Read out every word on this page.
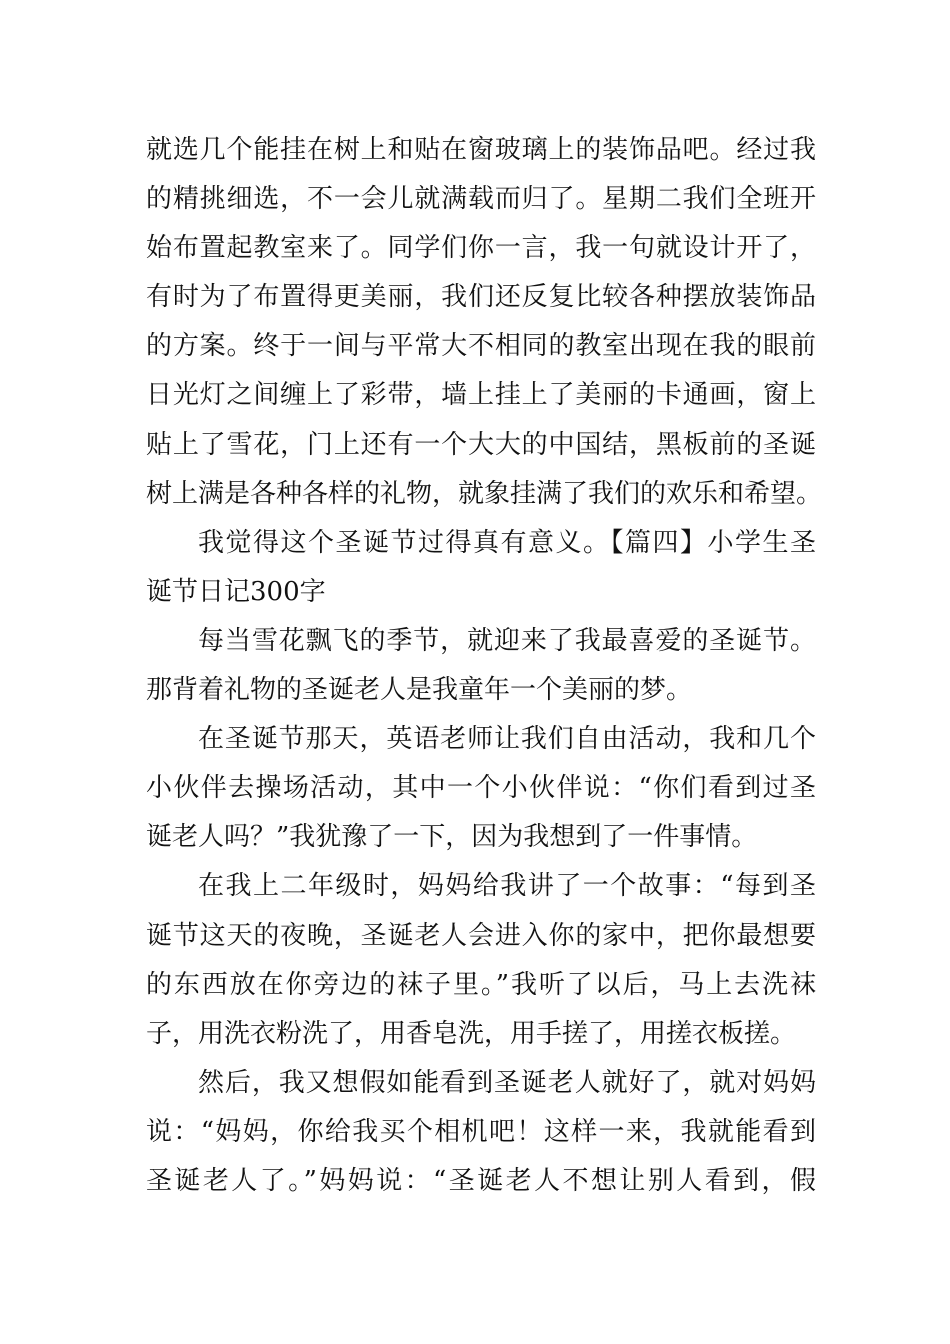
就选几个能挂在树上和贴在窗玻璃上的装饰品吧。经过我
的精挑细选，不一会儿就满载而归了。星期二我们全班开
始布置起教室来了。同学们你一言，我一句就设计开了，
有时为了布置得更美丽，我们还反复比较各种摆放装饰品
的方案。终于一间与平常大不相同的教室出现在我的眼前
日光灯之间缠上了彩带，墙上挂上了美丽的卡通画，窗上
贴上了雪花，门上还有一个大大的中国结，黑板前的圣诞
树上满是各种各样的礼物，就象挂满了我们的欢乐和希望。
我觉得这个圣诞节过得真有意义。【篇四】小学生圣
诞节日记300字
每当雪花飘飞的季节，就迎来了我最喜爱的圣诞节。
那背着礼物的圣诞老人是我童年一个美丽的梦。
在圣诞节那天，英语老师让我们自由活动，我和几个
小伙伴去操场活动，其中一个小伙伴说：“你们看到过圣
诞老人吗？”我犹豫了一下，因为我想到了一件事情。
在我上二年级时，妈妈给我讲了一个故事：“每到圣
诞节这天的夜晚，圣诞老人会进入你的家中，把你最想要
的东西放在你旁边的袜子里。”我听了以后，马上去洗袜
子，用洗衣粉洗了，用香皂洗，用手搓了，用搓衣板搓。
然后，我又想假如能看到圣诞老人就好了，就对妈妈
说：“妈妈，你给我买个相机吧！这样一来，我就能看到
圣诞老人了。”妈妈说：“圣诞老人不想让别人看到，假
